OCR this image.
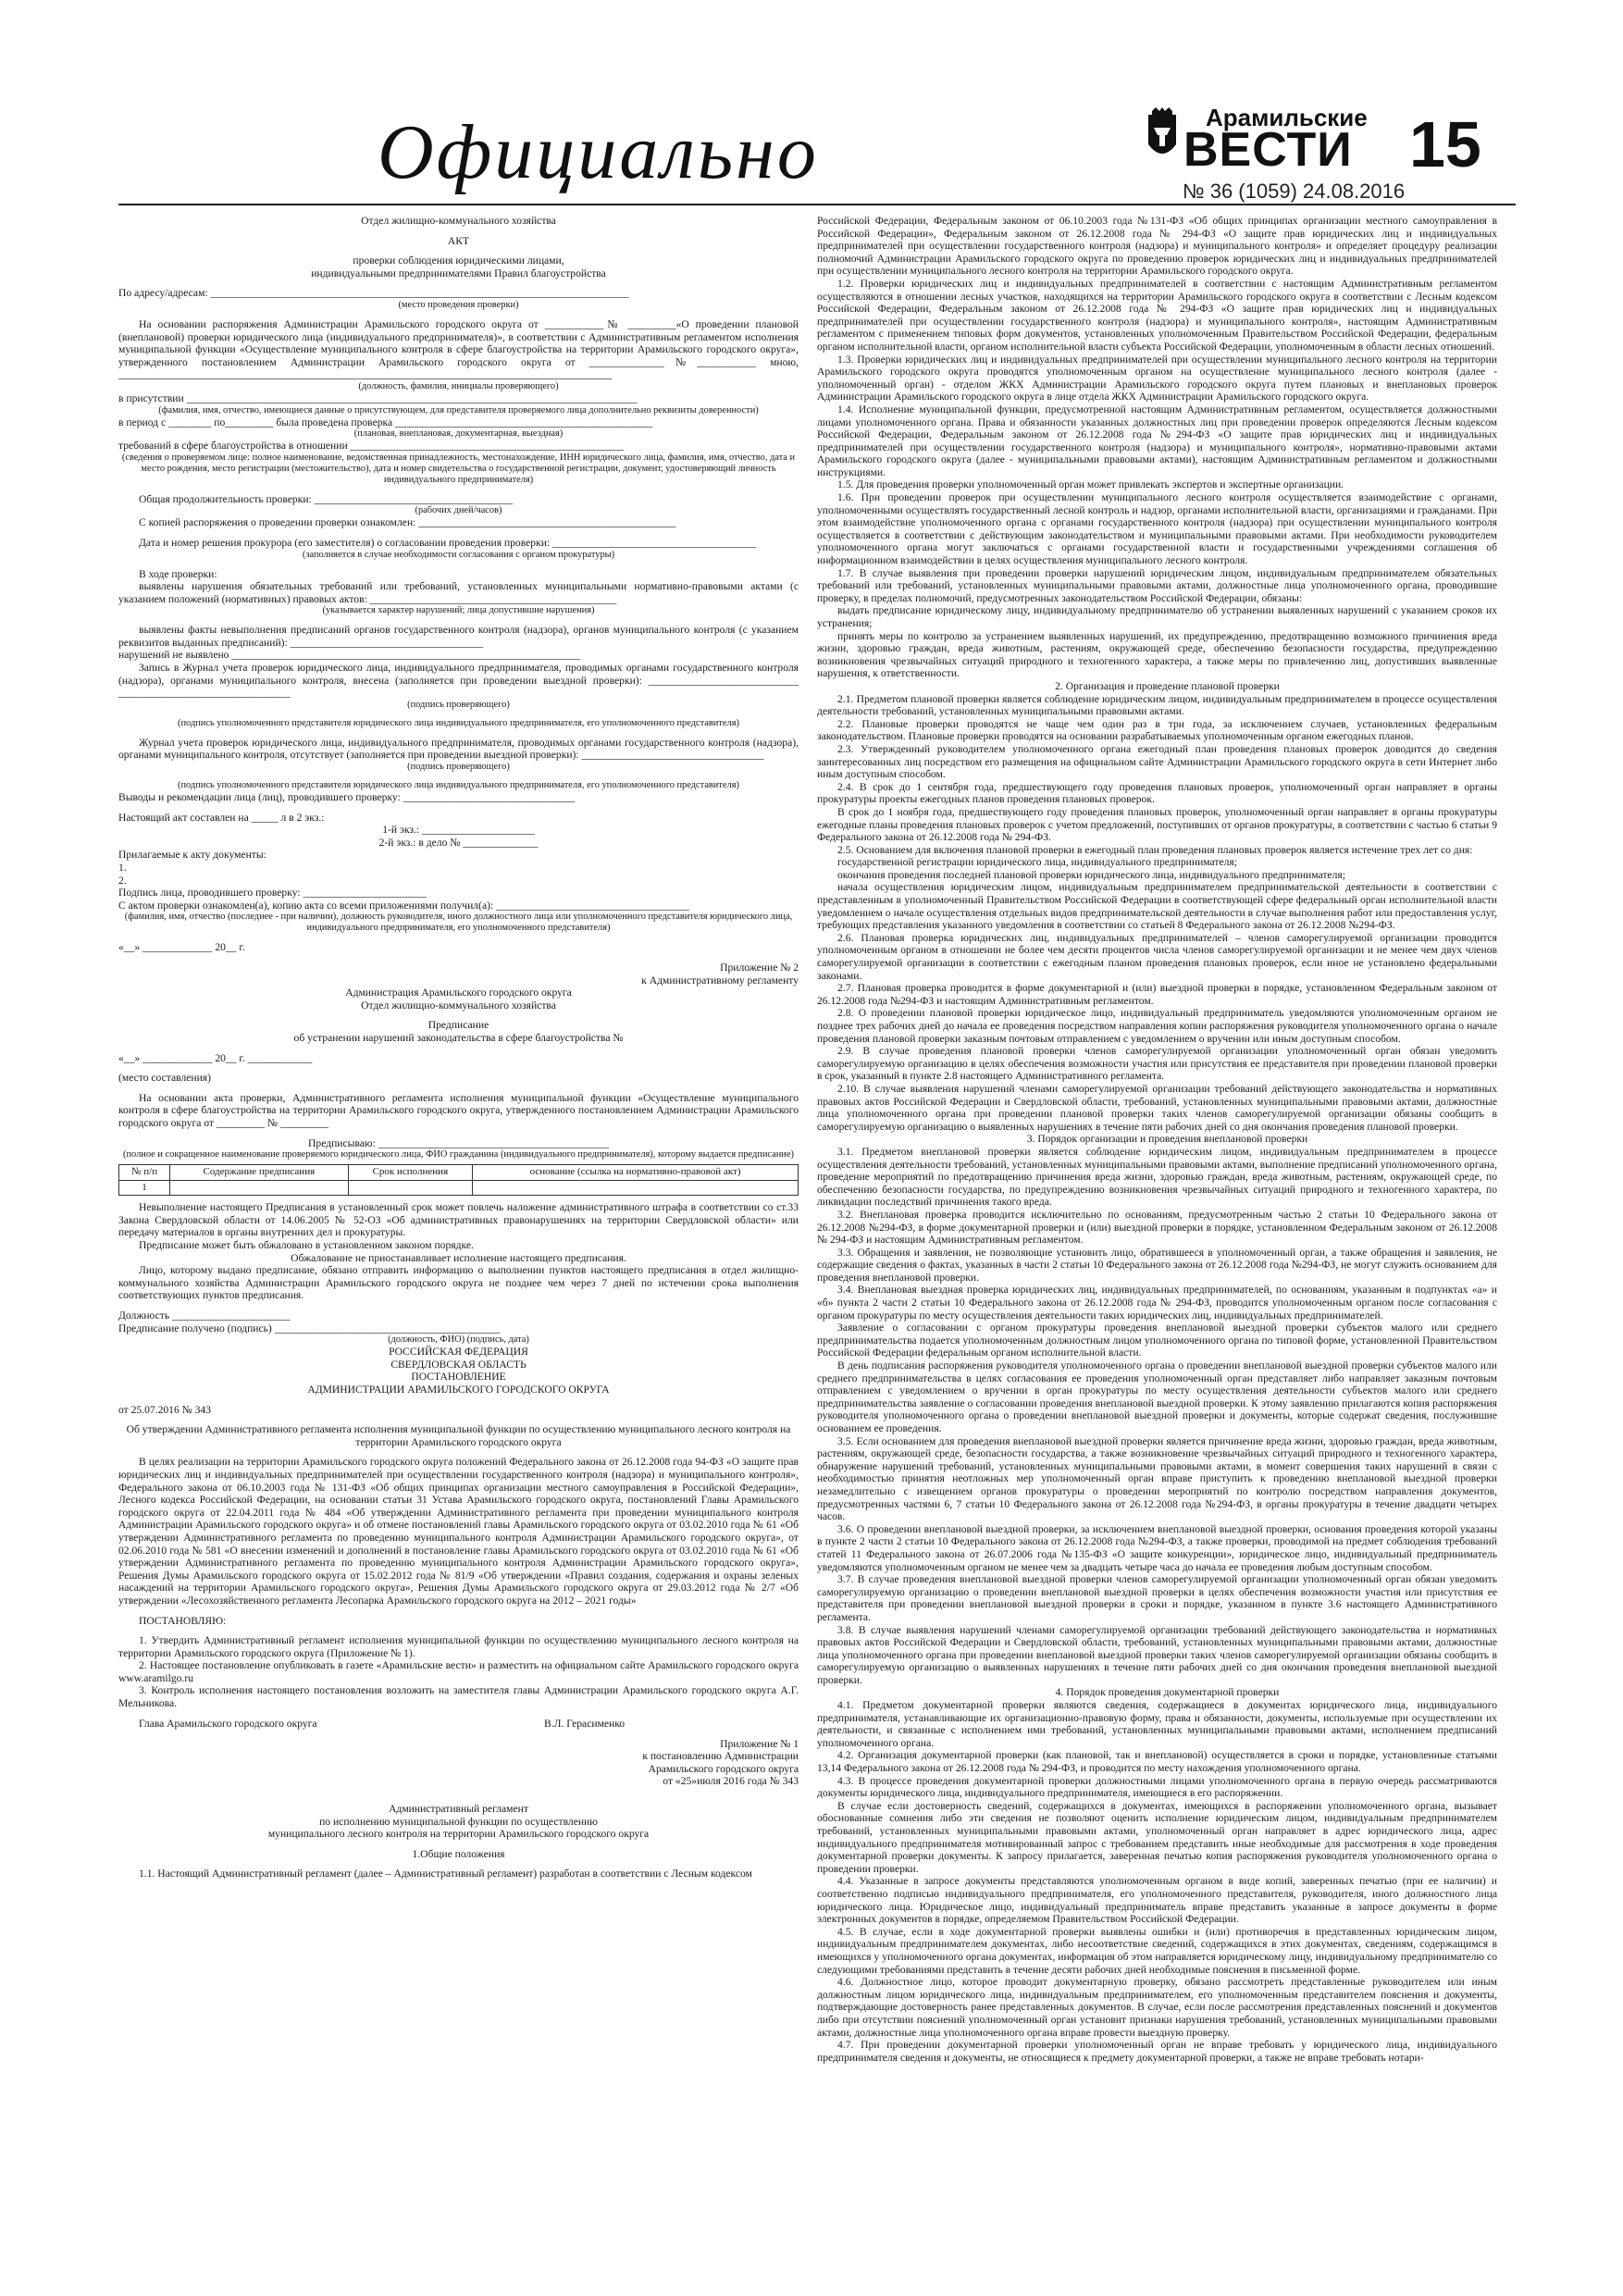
Официально	Арамильские
ВЕСТИ 15
№ 36 (1059) 24.08.2016

Отдел жилищно-коммунального хозяйства

АКТ

проверки соблюдения юридическими лицами,

индивидуальными предпринимателями Правил благоустройства

По адресу/адресам: ______________________________________________________________________________

(место проведения проверки)

На основании распоряжения Администрации Арамильского городского округа от ___________№ _________«О проведении плановой (внеплановой) проверки юридического лица (индивидуального предпринимателя)», в соответствии с Административным регламентом исполнения муниципальной функции «Осуществление муниципального контроля в сфере благоустройства на территории Арамильского городского округа», утвержденного постановлением Администрации Арамильского городского округа от ______________№___________ мною, ____________________________________________________________________________________________

(должность, фамилия, инициалы проверяющего)

в присутствии ____________________________________________________________________________________

(фамилия, имя, отчество, имеющиеся данные о присутствующем, для представителя проверяемого лица дополнительно реквизиты доверенности)

в период с ________ по_________ была проведена проверка ________________________________________________

(плановая, внеплановая, документарная, выездная)

требований в сфере благоустройства в отношении ___________________________________________________

(сведения о проверяемом лице: полное наименование, ведомственная принадлежность, местонахождение, ИНН юридического лица, фамилия, имя, отчество, дата и место рождения, место регистрации (местожительство), дата и номер свидетельства о государственной регистрации, документ, удостоверяющий личность индивидуального предпринимателя)

Общая продолжительность проверки: _____________________________________

(рабочих дней/часов)

С копией распоряжения о проведении проверки ознакомлен: ________________________________________________

Дата и номер решения прокурора (его заместителя) о согласовании проведения проверки: ______________________________________

(заполняется в случае необходимости согласования с органом прокуратуры)

В ходе проверки:

выявлены нарушения обязательных требований или требований, установленных муниципальными нормативно-правовыми актами (с указанием положений (нормативных) правовых актов: ______________________________________________

(указывается характер нарушений; лица допустившие нарушения)

выявлены факты невыполнения предписаний органов государственного контроля (надзора), органов муниципального контроля (с указанием реквизитов выданных предписаний): ____________________________________

нарушений не выявлено _________________________________________________________________

Запись в Журнал учета проверок юридического лица, индивидуального предпринимателя, проводимых органами государственного контроля (надзора), органами муниципального контроля, внесена (заполняется при проведении выездной проверки): ____________________________ ________________________________

(подпись проверяющего)

(подпись уполномоченного представителя юридического лица индивидуального предпринимателя, его уполномоченного представителя)

Журнал учета проверок юридического лица, индивидуального предпринимателя, проводимых органами государственного контроля (надзора), органами муниципального контроля, отсутствует (заполняется при проведении выездной проверки): __________________________________

(подпись проверяющего)

(подпись уполномоченного представителя юридического лица индивидуального предпринимателя, его уполномоченного представителя)

Выводы и рекомендации лица (лиц), проводившего проверку: ________________________________

Настоящий акт составлен на _____ л в 2 экз.:

1-й экз.: _____________________

2-й экз.: в дело № ______________

Прилагаемые к акту документы:

1.

2.

Подпись лица, проводившего проверку: _______________________

С актом проверки ознакомлен(а), копию акта со всеми приложениями получил(а): ____________________________________

(фамилия, имя, отчество (последнее - при наличии), должность руководителя, иного должностного лица или уполномоченного представителя юридического лица, индивидуального предпринимателя, его уполномоченного представителя)

«__» _____________ 20__ г.

Приложение № 2

к Административному регламенту

Администрация Арамильского городского округа

Отдел жилищно-коммунального хозяйства

Предписание

об устранении нарушений законодательства в сфере благоустройства №

«__» _____________ 20__ г. ____________

(место составления)

На основании акта проверки, Административного регламента исполнения муниципальной функции «Осуществление муниципального контроля в сфере благоустройства на территории Арамильского городского округа, утвержденного постановлением Администрации Арамильского городского округа от _________ № _________

Предписываю: ___________________________________________

(полное и сокращенное наименование проверяемого юридического лица, ФИО гражданина (индивидуального предпринимателя), которому выдается предписание)

№ п/п	Содержание предписания	Срок исполнения	основание (ссылка на нормативно-правовой акт)
1			

Невыполнение настоящего Предписания в установленный срок может повлечь наложение административного штрафа в соответствии со ст.33 Закона Свердловской области от 14.06.2005 № 52-ОЗ «Об административных правонарушениях на территории Свердловской области» или передачу материалов в органы внутренних дел и прокуратуры.

Предписание может быть обжаловано в установленном законом порядке.

Обжалование не приостанавливает исполнение настоящего предписания.

Лицо, которому выдано предписание, обязано отправить информацию о выполнении пунктов настоящего предписания в отдел жилищно-коммунального хозяйства Администрации Арамильского городского округа не позднее чем через 7 дней по истечении срока выполнения соответствующих пунктов предписания.

Должность ______________________

Предписание получено (подпись) __________________________________________

(должность, ФИО) (подпись, дата)

РОССИЙСКАЯ ФЕДЕРАЦИЯ

СВЕРДЛОВСКАЯ ОБЛАСТЬ

ПОСТАНОВЛЕНИЕ

АДМИНИСТРАЦИИ АРАМИЛЬСКОГО ГОРОДСКОГО ОКРУГА

от 25.07.2016 № 343

Об утверждении Административного регламента исполнения муниципальной функции по осуществлению муниципального лесного контроля на территории Арамильского городского округа

В целях реализации на территории Арамильского городского округа положений Федерального закона от 26.12.2008 года 94-ФЗ «О защите прав юридических лиц и индивидуальных предпринимателей при осуществлении государственного контроля (надзора) и муниципального контроля», Федерального закона от 06.10.2003 года № 131-ФЗ «Об общих принципах организации местного самоуправления в Российской Федерации», Лесного кодекса Российской Федерации, на основании статьи 31 Устава Арамильского городского округа, постановлений Главы Арамильского городского округа от 22.04.2011 года № 484 «Об утверждении Административного регламента при проведении муниципального контроля Администрации Арамильского городского округа» и об отмене постановлений главы Арамильского городского округа от 03.02.2010 года № 61 «Об утверждении Административного регламента по проведению муниципального контроля Администрации Арамильского городского округа», от 02.06.2010 года № 581 «О внесении изменений и дополнений в постановление главы Арамильского городского округа от 03.02.2010 года № 61 «Об утверждении Административного регламента по проведению муниципального контроля Администрации Арамильского городского округа», Решения Думы Арамильского городского округа от 15.02.2012 года № 81/9 «Об утверждении «Правил создания, содержания и охраны зеленых насаждений на территории Арамильского городского округа», Решения Думы Арамильского городского округа от 29.03.2012 года № 2/7 «Об утверждении «Лесохозяйственного регламента Лесопарка Арамильского городского округа на 2012 – 2021 годы»

ПОСТАНОВЛЯЮ:

1. Утвердить Административный регламент исполнения муниципальной функции по осуществлению муниципального лесного контроля на территории Арамильского городского округа (Приложение № 1).

2. Настоящее постановление опубликовать в газете «Арамильские вести» и разместить на официальном сайте Арамильского городского округа www.aramilgo.ru

3. Контроль исполнения настоящего постановления возложить на заместителя главы Администрации Арамильского городского округа А.Г. Мельникова.

Глава Арамильского городского округа	В.Л. Герасименко

Приложение № 1

к постановлению Администрации

Арамильского городского округа

от «25»июля 2016 года № 343

Административный регламент

по исполнению муниципальной функции по осуществлению

муниципального лесного контроля на территории Арамильского городского округа

1.Общие положения

1.1. Настоящий Административный регламент (далее – Административный регламент) разработан в соответствии с Лесным кодексом

Российской Федерации, Федеральным законом от 06.10.2003 года №131-ФЗ «Об общих принципах организации местного самоуправления в Российской Федерации», Федеральным законом от 26.12.2008 года № 294-ФЗ «О защите прав юридических лиц и индивидуальных предпринимателей при осуществлении государственного контроля (надзора) и муниципального контроля» и определяет процедуру реализации полномочий Администрации Арамильского городского округа по проведению проверок юридических лиц и индивидуальных предпринимателей при осуществлении муниципального лесного контроля на территории Арамильского городского округа.

1.2. Проверки юридических лиц и индивидуальных предпринимателей в соответствии с настоящим Административным регламентом осуществляются в отношении лесных участков, находящихся на территории Арамильского городского округа в соответствии с Лесным кодексом Российской Федерации, Федеральным законом от 26.12.2008 года № 294-ФЗ «О защите прав юридических лиц и индивидуальных предпринимателей при осуществлении государственного контроля (надзора) и муниципального контроля», настоящим Административным регламентом с применением типовых форм документов, установленных уполномоченным Правительством Российской Федерации, федеральным органом исполнительной власти, органом исполнительной власти субъекта Российской Федерации, уполномоченным в области лесных отношений.

1.3. Проверки юридических лиц и индивидуальных предпринимателей при осуществлении муниципального лесного контроля на территории Арамильского городского округа проводятся уполномоченным органом на осуществление муниципального лесного контроля (далее - уполномоченный орган) - отделом ЖКХ Администрации Арамильского городского округа путем плановых и внеплановых проверок Администрации Арамильского городского округа в лице отдела ЖКХ Администрации Арамильского городского округа.

1.4. Исполнение муниципальной функции, предусмотренной настоящим Административным регламентом, осуществляется должностными лицами уполномоченного органа. Права и обязанности указанных должностных лиц при проведении проверок определяются Лесным кодексом Российской Федерации, Федеральным законом от 26.12.2008 года №294-ФЗ «О защите прав юридических лиц и индивидуальных предпринимателей при осуществлении государственного контроля (надзора) и муниципального контроля», нормативно-правовыми актами Арамильского городского округа (далее - муниципальными правовыми актами), настоящим Административным регламентом и должностными инструкциями.

1.5. Для проведения проверки уполномоченный орган может привлекать экспертов и экспертные организации.

1.6. При проведении проверок при осуществлении муниципального лесного контроля осуществляется взаимодействие с органами, уполномоченными осуществлять государственный лесной контроль и надзор, органами исполнительной власти, организациями и гражданами. При этом взаимодействие уполномоченного органа с органами государственного контроля (надзора) при осуществлении муниципального контроля осуществляется в соответствии с действующим законодательством и муниципальными правовыми актами. При необходимости руководителем уполномоченного органа могут заключаться с органами государственной власти и государственными учреждениями соглашения об информационном взаимодействии в целях осуществления муниципального лесного контроля.

1.7. В случае выявления при проведении проверки нарушений юридическим лицом, индивидуальным предпринимателем обязательных требований или требований, установленных муниципальными правовыми актами, должностные лица уполномоченного органа, проводившие проверку, в пределах полномочий, предусмотренных законодательством Российской Федерации, обязаны:

выдать предписание юридическому лицу, индивидуальному предпринимателю об устранении выявленных нарушений с указанием сроков их устранения;

принять меры по контролю за устранением выявленных нарушений, их предупреждению, предотвращению возможного причинения вреда жизни, здоровью граждан, вреда животным, растениям, окружающей среде, обеспечению безопасности государства, предупреждению возникновения чрезвычайных ситуаций природного и техногенного характера, а также меры по привлечению лиц, допустивших выявленные нарушения, к ответственности.

2. Организация и проведение плановой проверки

2.1. Предметом плановой проверки является соблюдение юридическим лицом, индивидуальным предпринимателем в процессе осуществления деятельности требований, установленных муниципальными правовыми актами.

2.2. Плановые проверки проводятся не чаще чем один раз в три года, за исключением случаев, установленных федеральным законодательством. Плановые проверки проводятся на основании разрабатываемых уполномоченным органом ежегодных планов.

2.3. Утвержденный руководителем уполномоченного органа ежегодный план проведения плановых проверок доводится до сведения заинтересованных лиц посредством его размещения на официальном сайте Администрации Арамильского городского округа в сети Интернет либо иным доступным способом.

2.4. В срок до 1 сентября года, предшествующего году проведения плановых проверок, уполномоченный орган направляет в органы прокуратуры проекты ежегодных планов проведения плановых проверок.

В срок до 1 ноября года, предшествующего году проведения плановых проверок, уполномоченный орган направляет в органы прокуратуры ежегодные планы проведения плановых проверок с учетом предложений, поступивших от органов прокуратуры, в соответствии с частью 6 статьи 9 Федерального закона от 26.12.2008 года № 294-ФЗ.

2.5. Основанием для включения плановой проверки в ежегодный план проведения плановых проверок является истечение трех лет со дня:

государственной регистрации юридического лица, индивидуального предпринимателя;

окончания проведения последней плановой проверки юридического лица, индивидуального предпринимателя;

начала осуществления юридическим лицом, индивидуальным предпринимателем предпринимательской деятельности в соответствии с представленным в уполномоченный Правительством Российской Федерации в соответствующей сфере федеральный орган исполнительной власти уведомлением о начале осуществления отдельных видов предпринимательской деятельности в случае выполнения работ или предоставления услуг, требующих представления указанного уведомления в соответствии со статьей 8 Федерального закона от 26.12.2008 №294-ФЗ.

2.6. Плановая проверка юридических лиц, индивидуальных предпринимателей – членов саморегулируемой организации проводится уполномоченным органом в отношении не более чем десяти процентов числа членов саморегулируемой организации и не менее чем двух членов саморегулируемой организации в соответствии с ежегодным планом проведения плановых проверок, если иное не установлено федеральными законами.

2.7. Плановая проверка проводится в форме документарной и (или) выездной проверки в порядке, установленном Федеральным законом от 26.12.2008 года №294-ФЗ и настоящим Административным регламентом.

2.8. О проведении плановой проверки юридическое лицо, индивидуальный предприниматель уведомляются уполномоченным органом не позднее трех рабочих дней до начала ее проведения посредством направления копии распоряжения руководителя уполномоченного органа о начале проведения плановой проверки заказным почтовым отправлением с уведомлением о вручении или иным доступным способом.

2.9. В случае проведения плановой проверки членов саморегулируемой организации уполномоченный орган обязан уведомить саморегулируемую организацию в целях обеспечения возможности участия или присутствия ее представителя при проведении плановой проверки в срок, указанный в пункте 2.8 настоящего Административного регламента.

2.10. В случае выявления нарушений членами саморегулируемой организации требований действующего законодательства и нормативных правовых актов Российской Федерации и Свердловской области, требований, установленных муниципальными правовыми актами, должностные лица уполномоченного органа при проведении плановой проверки таких членов саморегулируемой организации обязаны сообщить в саморегулируемую организацию о выявленных нарушениях в течение пяти рабочих дней со дня окончания проведения плановой проверки.

3. Порядок организации и проведения внеплановой проверки

3.1. Предметом внеплановой проверки является соблюдение юридическим лицом, индивидуальным предпринимателем в процессе осуществления деятельности требований, установленных муниципальными правовыми актами, выполнение предписаний уполномоченного органа, проведение мероприятий по предотвращению причинения вреда жизни, здоровью граждан, вреда животным, растениям, окружающей среде, по обеспечению безопасности государства, по предупреждению возникновения чрезвычайных ситуаций природного и техногенного характера, по ликвидации последствий причинения такого вреда.

3.2. Внеплановая проверка проводится исключительно по основаниям, предусмотренным частью 2 статьи 10 Федерального закона от 26.12.2008 №294-ФЗ, в форме документарной проверки и (или) выездной проверки в порядке, установленном Федеральным законом от 26.12.2008 № 294-ФЗ и настоящим Административным регламентом.

3.3. Обращения и заявления, не позволяющие установить лицо, обратившееся в уполномоченный орган, а также обращения и заявления, не содержащие сведения о фактах, указанных в части 2 статьи 10 Федерального закона от 26.12.2008 года №294-ФЗ, не могут служить основанием для проведения внеплановой проверки.

3.4. Внеплановая выездная проверка юридических лиц, индивидуальных предпринимателей, по основаниям, указанным в подпунктах «а» и «б» пункта 2 части 2 статьи 10 Федерального закона от 26.12.2008 года № 294-ФЗ, проводится уполномоченным органом после согласования с органом прокуратуры по месту осуществления деятельности таких юридических лиц, индивидуальных предпринимателей.

Заявление о согласовании с органом прокуратуры проведения внеплановой выездной проверки субъектов малого или среднего предпринимательства подается уполномоченным должностным лицом уполномоченного органа по типовой форме, установленной Правительством Российской Федерации федеральным органом исполнительной власти.

В день подписания распоряжения руководителя уполномоченного органа о проведении внеплановой выездной проверки субъектов малого или среднего предпринимательства в целях согласования ее проведения уполномоченный орган представляет либо направляет заказным почтовым отправлением с уведомлением о вручении в орган прокуратуры по месту осуществления деятельности субъектов малого или среднего предпринимательства заявление о согласовании проведения внеплановой выездной проверки. К этому заявлению прилагаются копия распоряжения руководителя уполномоченного органа о проведении внеплановой выездной проверки и документы, которые содержат сведения, послужившие основанием ее проведения.

3.5. Если основанием для проведения внеплановой выездной проверки является причинение вреда жизни, здоровью граждан, вреда животным, растениям, окружающей среде, безопасности государства, а также возникновение чрезвычайных ситуаций природного и техногенного характера, обнаружение нарушений требований, установленных муниципальными правовыми актами, в момент совершения таких нарушений в связи с необходимостью принятия неотложных мер уполномоченный орган вправе приступить к проведению внеплановой выездной проверки незамедлительно с извещением органов прокуратуры о проведении мероприятий по контролю посредством направления документов, предусмотренных частями 6, 7 статьи 10 Федерального закона от 26.12.2008 года №294-ФЗ, в органы прокуратуры в течение двадцати четырех часов.

3.6. О проведении внеплановой выездной проверки, за исключением внеплановой выездной проверки, основания проведения которой указаны в пункте 2 части 2 статьи 10 Федерального закона от 26.12.2008 года №294-ФЗ, а также проверки, проводимой на предмет соблюдения требований статей 11 Федерального закона от 26.07.2006 года №135-ФЗ «О защите конкуренции», юридическое лицо, индивидуальный предприниматель уведомляются уполномоченным органом не менее чем за двадцать четыре часа до начала ее проведения любым доступным способом.

3.7. В случае проведения внеплановой выездной проверки членов саморегулируемой организации уполномоченный орган обязан уведомить саморегулируемую организацию о проведении внеплановой выездной проверки в целях обеспечения возможности участия или присутствия ее представителя при проведении внеплановой выездной проверки в сроки и порядке, указанном в пункте 3.6 настоящего Административного регламента.

3.8. В случае выявления нарушений членами саморегулируемой организации требований действующего законодательства и нормативных правовых актов Российской Федерации и Свердловской области, требований, установленных муниципальными правовыми актами, должностные лица уполномоченного органа при проведении внеплановой выездной проверки таких членов саморегулируемой организации обязаны сообщить в саморегулируемую организацию о выявленных нарушениях в течение пяти рабочих дней со дня окончания проведения внеплановой выездной проверки.

4. Порядок проведения документарной проверки

4.1. Предметом документарной проверки являются сведения, содержащиеся в документах юридического лица, индивидуального предпринимателя, устанавливающие их организационно-правовую форму, права и обязанности, документы, используемые при осуществлении их деятельности, и связанные с исполнением ими требований, установленных муниципальными правовыми актами, исполнением предписаний уполномоченного органа.

4.2. Организация документарной проверки (как плановой, так и внеплановой) осуществляется в сроки и порядке, установленные статьями 13,14 Федерального закона от 26.12.2008 года № 294-ФЗ, и проводится по месту нахождения уполномоченного органа.

4.3. В процессе проведения документарной проверки должностными лицами уполномоченного органа в первую очередь рассматриваются документы юридического лица, индивидуального предпринимателя, имеющиеся в его распоряжении.

В случае если достоверность сведений, содержащихся в документах, имеющихся в распоряжении уполномоченного органа, вызывает обоснованные сомнения либо эти сведения не позволяют оценить исполнение юридическим лицом, индивидуальным предпринимателем требований, установленных муниципальными правовыми актами, уполномоченный орган направляет в адрес юридического лица, адрес индивидуального предпринимателя мотивированный запрос с требованием представить иные необходимые для рассмотрения в ходе проведения документарной проверки документы. К запросу прилагается, заверенная печатью копия распоряжения руководителя уполномоченного органа о проведении проверки.

4.4. Указанные в запросе документы представляются уполномоченным органом в виде копий, заверенных печатью (при ее наличии) и соответственно подписью индивидуального предпринимателя, его уполномоченного представителя, руководителя, иного должностного лица юридического лица. Юридическое лицо, индивидуальный предприниматель вправе представить указанные в запросе документы в форме электронных документов в порядке, определяемом Правительством Российской Федерации.

4.5. В случае, если в ходе документарной проверки выявлены ошибки и (или) противоречия в представленных юридическим лицом, индивидуальным предпринимателем документах, либо несоответствие сведений, содержащихся в этих документах, сведениям, содержащимся в имеющихся у уполномоченного органа документах, информация об этом направляется юридическому лицу, индивидуальному предпринимателю со следующими требованиями представить в течение десяти рабочих дней необходимые пояснения в письменной форме.

4.6. Должностное лицо, которое проводит документарную проверку, обязано рассмотреть представленные руководителем или иным должностным лицом юридического лица, индивидуальным предпринимателем, его уполномоченным представителем пояснения и документы, подтверждающие достоверность ранее представленных документов. В случае, если после рассмотрения представленных пояснений и документов либо при отсутствии пояснений уполномоченный орган установит признаки нарушения требований, установленных муниципальными правовыми актами, должностные лица уполномоченного органа вправе провести выездную проверку.

4.7. При проведении документарной проверки уполномоченный орган не вправе требовать у юридического лица, индивидуального предпринимателя сведения и документы, не относящиеся к предмету документарной проверки, а также не вправе требовать нотари-
